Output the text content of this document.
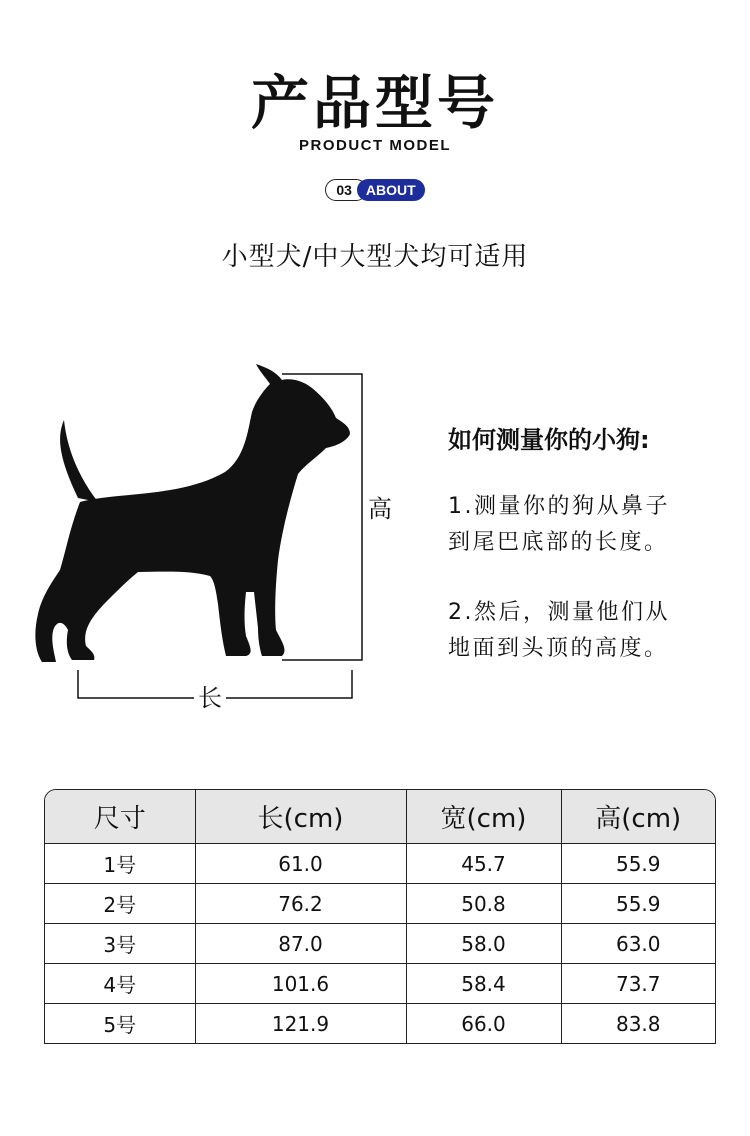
产品型号
PRODUCT MODEL
03	ABOUT
小型犬/中大型犬均可适用
高
长
如何测量你的小狗:

1.测量你的狗从鼻子
到尾巴底部的长度。

2.然后，测量他们从
地面到头顶的高度。

尺寸	长(cm)	宽(cm)	高(cm)
1号	61.0	45.7	55.9
2号	76.2	50.8	55.9
3号	87.0	58.0	63.0
4号	101.6	58.4	73.7
5号	121.9	66.0	83.8
